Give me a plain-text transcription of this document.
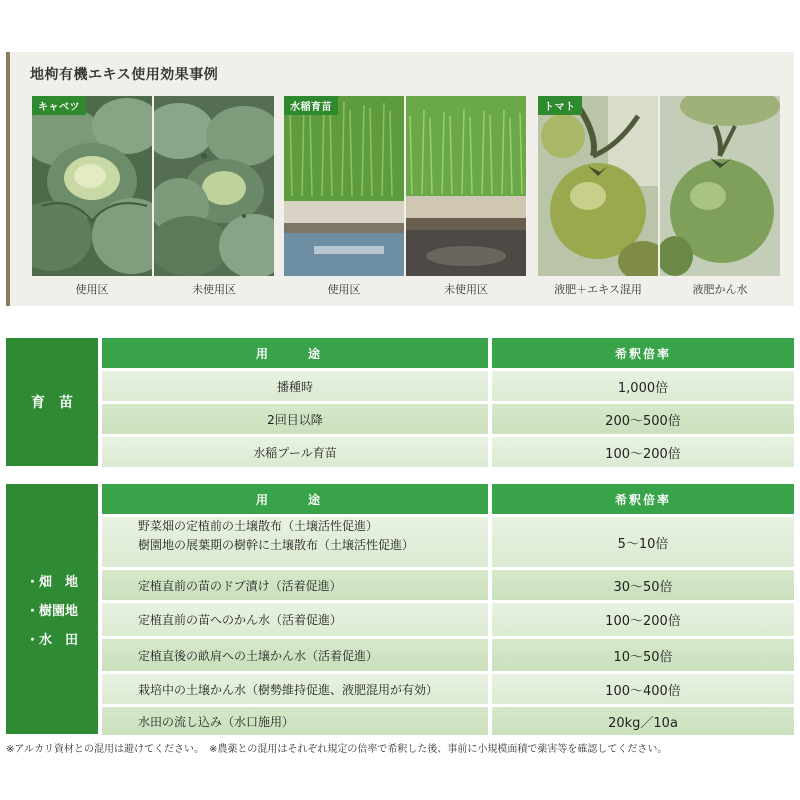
地枸有機エキス使用効果事例
キャベツ
使用区	未使用区
水稲育苗
使用区	未使用区
トマト
液肥＋エキス混用	液肥かん水
育　苗
用　途	希釈倍率
播種時	1,000倍
2回目以降	200～500倍
水稲プール育苗	100～200倍
・畑　地
・樹園地
・水　田
用　途	希釈倍率
野菜畑の定植前の土壌散布（土壌活性促進）
樹園地の展葉期の樹幹に土壌散布（土壌活性促進）	5～10倍
定植直前の苗のドブ漬け（活着促進）	30～50倍
定植直前の苗へのかん水（活着促進）	100～200倍
定植直後の畝肩への土壌かん水（活着促進）	10～50倍
栽培中の土壌かん水（樹勢維持促進、液肥混用が有効）	100～400倍
水田の流し込み（水口施用）	20kg／10a
※アルカリ資材との混用は避けてください。　※農薬との混用はそれぞれ規定の倍率で希釈した後、事前に小規模面積で薬害等を確認してください。
